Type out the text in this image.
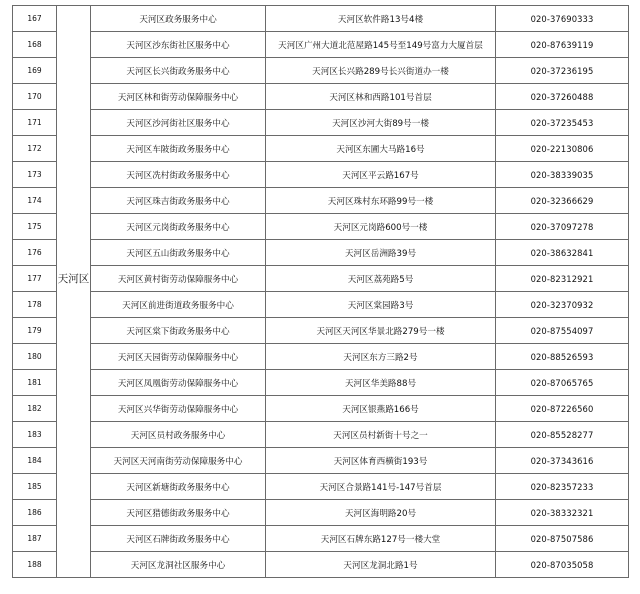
167		天河区政务服务中心	天河区软件路13号4楼	020-37690333
168		天河区沙东街社区服务中心	天河区广州大道北范屋路145号至149号富力大厦首层	020-87639119
169		天河区长兴街政务服务中心	天河区长兴路289号长兴街道办一楼	020-37236195
170		天河区林和街劳动保障服务中心	天河区林和西路101号首层	020-37260488
171		天河区沙河街社区服务中心	天河区沙河大街89号一楼	020-37235453
172		天河区车陂街政务服务中心	天河区东圃大马路16号	020-22130806
173		天河区冼村街政务服务中心	天河区平云路167号	020-38339035
174		天河区珠吉街政务服务中心	天河区珠村东环路99号一楼	020-32366629
175		天河区元岗街政务服务中心	天河区元岗路600号一楼	020-37097278
176		天河区五山街政务服务中心	天河区岳洲路39号	020-38632841
177	天河区	天河区黄村街劳动保障服务中心	天河区荔苑路5号	020-82312921
178		天河区前进街道政务服务中心	天河区棠园路3号	020-32370932
179		天河区棠下街政务服务中心	天河区天河区华景北路279号一楼	020-87554097
180		天河区天园街劳动保障服务中心	天河区东方三路2号	020-88526593
181		天河区凤凰街劳动保障服务中心	天河区华美路88号	020-87065765
182		天河区兴华街劳动保障服务中心	天河区银燕路166号	020-87226560
183		天河区员村政务服务中心	天河区员村新街十号之一	020-85528277
184		天河区天河南街劳动保障服务中心	天河区体育西横街193号	020-37343616
185		天河区新塘街政务服务中心	天河区合景路141号-147号首层	020-82357233
186		天河区猎德街政务服务中心	天河区海明路20号	020-38332321
187		天河区石牌街政务服务中心	天河区石牌东路127号一楼大堂	020-87507586
188		天河区龙洞社区服务中心	天河区龙洞北路1号	020-87035058
